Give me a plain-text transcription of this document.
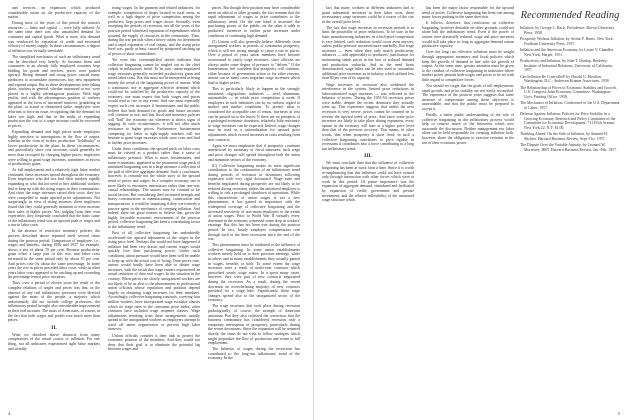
and services, an expansion which produced considerable strain on the productive capacity of the nation.

During most of the years of this period the nation's resources — labor and capital — were fully utilized. At the same time there was also unsatisfied demand for consumer and capital goods. What is more, this demand was reinforced by expansion of credit and increased velocity of money supply. In these circumstances, a degree of inflation was virtually inevitable.

The simplified mechanics of such an inflationary trend can be described very briefly. As business firms and consumers in an already fully employed economy kept bidding for goods and services, prices were pushed upward. Rising demand and rising prices caused many producers to accumulate inventories, buy new equipment and expand output. But as these developments were taking place, workers in general, whether unionized or not, were placed in a highly advantageous position. With high profits, and with the advantageous position of workers appeared in the form of increased turnover, grumbling in the plant, or actual or threatened strike, employers were reluctant to force an issue, recognizing that the demand for labor was high, and that in the midst of expanding production the cost of a wage increase could be recovered in prices.

Expanding demand and high prices made employers highly sensitive to interruptions in the flow of output, whether in the form of strikes, production "holdbacks" or lower productivity in the plant. In these circumstances, and particularly since cost increases could generally be more than recouped by charging higher prices, employers were willing to grant wage increases, sometimes in excess of productivity gains.

As full employment and a relatively tight labor market continued, these increases spread throughout the economy. Even employers who did not find their markets rapidly expanding or who did not need to hire additional workers had to keep up with the rising wages in their communities. And since the wage increases raised their costs, they too were compelled to make upward price adjustments. Not surprisingly, in view of rising incomes, these employers found that they could generally maintain or even increase their sales at higher prices. Yet, judging from their own experience, they frequently concluded that the basic cause of the inflationary trend was an upward push of wages and a rise in labor costs.

In the absence of restrictive monetary policies, the process described above repeated itself several times during the postwar period. Comparison of employee, i.e., wages and benefits, during 1956 and 1957 for example, shows a rise of about 70 per cent. Because productivity gains offset a large part of this rise, unit labor costs increased in the same period only by about 35 per cent. And prices rose by about the same percentage. In some years the rise in prices preceded labor costs, while in other years labor costs appeared to be catching up and exceeding (in percentage terms) price increases.

Thus, over a period of eleven years the result of the complex relations of wages and prices was that, in the absence of any real inflationary pressures were directed against the mass of the people, a majority which unfortunately did not include college professors, the inflationary period brought also considerable improvement in their real incomes. The mass of Americans, of course, in the fact that both wages and profits rose much more than prices.

II.

What we sketched above abstracts from many complexities of the actual course of inflation. For one thing, not all industries experienced tight labor markets and steadily

rising wages. In the garment and related industries, for example, competition of shops located in rural areas, as well as a high degree of price competition among the producers, kept prices and wages down. Secondly, even excepting the periods of recession, not all the years of the postwar period witnessed expansion of expenditures which strained the supply of resources in the community. Thus, during the war periods when a heavy outlay for investment and a rapid expansion of real output, and the rising price level was, partly at least, caused by postponed catching up of prices of short commodities.

Yet even this oversimplified sketch indicates that collective bargaining cannot be singled out as the chief culprit in inflationary trend. To be sure, union-negotiated wage increases generally exceeded productivity gains and raised labor costs. But this must not be interpreted as being mainly the result of the bargaining power of unions. With a continuous rise in aggregate effective demand which could not be satisfied by the productive capacity of the economy, one must expect that both wages and prices would tend to rise in any event. And one must especially expect such cost increases if businessmen and the public believe that both demand for goods and future incomes will continue to rise, and that fiscal and monetary policies will "bail" the economy out whenever it shows signs of sagging. In such circumstances, it will not offer much resistance to higher prices. Furthermore, businessmen competing for labor in tight-supply markets will not hesitate to grant wage increases which raise costs and lead to further price increases.

Under these conditions, the upward push on labor costs must be viewed as a product rather than a cause of inflationary pressure. What is more, businessmen, and some economists, appeared as the prominent wage push of unionized bargaining was in a large measure a reflection of the pull of effective aggregate demand. Such a conclusion, however, is certainly not the whole story of the upward trend of prices and wages. In a complex economy one is more likely to encounter interactions rather than one-way causal relationships. The unions may be counted to be social factors. But considering their increased strength and heavy concentration in manufacturing, construction and transportation, it would be surprising if they were merely a passive agent in the mechanics of creeping inflation. And indeed, there are good reasons to believe that, given the highly favorable economic environment of the postwar period, collective bargaining has been a contributing factor to the inflationary trend.

First of all, collective bargaining has undoubtedly accelerated the upward adjustment of the wages in the rising price level. Perhaps this would not have happened if inflation had been very drastic and current wages would quickly lose their purchasing power. Under such conditions, union pressure would have been well be unable to keep up with the actual cost of living. Once prices rose, unions would hardly have been able to obtain wage increases, with the result that wage earners experienced an actual reduction of their real wages. In the situation in the country. When prices rise slowly, unorganized workers are not likely to be as alert to the phenomenon as professional union officials whose reputation and position depend largely on obtaining wage increases for their members. Accordingly, collective bargaining contracts, covering four million workers, have incorporated wage escalator clauses which tie wage rates to the consumer price index; other contracts have included wage reopener clauses. Wage adjustments resulting from these arrangements usually spread to the unorganized workers as employers attempt to ward off union organization or prevent high labor turnover.

Unions officials consider it their task to protect the economic position of the members. And they would not deny that their goal is to eliminate the potential lag between wages and

prices. But though their position may have considerable merit on ethical or other grounds, the fact remains that the rapid adjustment of wages to price contributes to the inflationary trend. On the one hand it increases the purchasing power of the public; on the other it adds to producers' incentive to further price increases under conditions of continuing high demand.

(3) Unions will also generally behave differently from unorganized workers in periods of continuous prosperity, which is still not strong enough to cause a rise in prices. Over a period of years union members have become accustomed to yearly wage increases, since officials are always under some degree of pressure to "deliver." If the businessman feel confident that prosperity will continue, either because of government action or for other reasons, unions can in many cases negotiate wage increases which lead to higher prices.

This is particularly likely to happen in the strongly unionized, oligopolistic industries — steel, aluminum, automobiles — in which price competition is weak. If employers in such industries can by no without regard to market and market conditions. To protect what is considered the acceptable rate of return, increases in cost can be passed on to the buyer. If there are no prospects of a prolonged economic downturn, relatively little resistance to wage increases can be expected. Indeed, wage changes may be used as a rationalization for upward price adjustments which exceed increases in costs resulting from new contracts.

Again we must emphasize that if prosperity continues unrestricted by monetary or fiscal measures, such wage and price changes will spread throughout both the union and nonunion sectors of the economy.

(C) Collective bargaining makes its most significant contribution to the continuation of an inflationary trend during periods of recession or downturns following expansion with very rigid downward. Wage rates and benefits negotiated during prosperity are not likely to be reduced during recession, unless the unionized employer is willing to risk a prolonged shutdown of operations. While this characteristic of union wages is not a new phenomenon, it has gained in importance with the widespread coverage of collective bargaining and the increased sensitivity of non-union employers to the trends of union wages. Prior to World War II virtually every downturn in the economy witnessed some drop in workers' earnings. But this has not been true during the postwar period. In fact, hourly employee compensation rose through each of the three recessions since the end of the war.

This phenomenon must be attributed to the influence of collective bargaining. In some union establishments workers merely held on to their previous earnings, while in others and in many establishments they actually gained in wages, benefits or both. To some extent the wage increases were a result of multi-year contracts which prescribed yearly wage raises. In a great many cases, however, they were part of new contracts negotiated during the recession. As a result, during the recent downturn an overwhelming majority of new contracts provided for a wage hike. Significantly, these wage changes spread also to the unorganized sector of the economy.

The wage increases that took place during recession pathologically, of course, the strength of American unionism. But they also reflected the conviction that the business community has considered recession only a temporary interruption of prosperity, particularly during the recent downturns. Since the expansion will be resumed shortly, the firms do not wish to follow strategies which might jeopardize the flow of production and return to full employment.

The behavior of wages during the recessions has contributed to the long-run inflationary trend of the economy. In the

4

fact that many workers in different industries had to grant substantial increases in their labor costs, these recessionary wage increases could be a source of the rise in the overall price level.

The fact that wage increases in recession periods is to limit the possibility of price reductions. To be sure, in the basic manufacturing industries, in which price competition is very limited, such reduction would occur even anyway, unless public pressure increased more markedly. But wage increases — even when they only match productivity advances — add appreciably to producers' justification for maintaining stable prices in the face of reduced demand and production cutbacks. And as the need firms demonstrated, wage hikes can be also used to rationalize additional price increases as in industry which utilized less than 80 per cent of its capacity.

Wage increases in recession also weakened the interference in the system, limited price reductions in labor-unionized wage increases — was reflected in the behavior of prices. During the 1953-54 recession prices were stable, despite the recent downturn they actually went up. This experience suggests that unless the next recession is very severe, prices cannot be counted on to reverse the upward trend of price. And since some price increases are likely to take place during expansion, every upturn in the economy will start at a higher price level than that of the previous recovery. This means, in other words, that when prosperity is short lived, in such a collective bargaining contributes to price rigidity in recessions it contributes also a force contributing to a long run inflationary trend.

III.

We must conclude then that the influence of collective bargaining has been at work from a time. Since it is worth re-emphasizing that this influence could not have existed only through interaction with other forces which were at work in this period. Of prime importance was the expansion of aggregate demand, stimulated and facilitated by expansion of credit; government and private investment; and the relative inflexibility of the unionized wage structure which

has been the major factor responsible for the upward trend of prices. Collective bargaining has been one among many forces pushing in the same direction.

It follows, therefore, that restrictions on collective bargaining, however desirable on other grounds, could not alone halt the inflationary trend. Even if the power of unions were drastically reduced, wage and price increases would still take place so long as aggregate demand outran productive capacity.

Over the long run, effective solutions must be sought through appropriate monetary and fiscal policies which keep the growth of demand in line with the growth of output. At the same time, greater attention must be given to the conduct of collective bargaining in industries where market power permits both wages and prices to be set with little regard to competitive forces.

Nor should we forget that the goals of full employment, rapid growth, and price stability are not easily reconciled. The experience of the postwar years suggests that some measure of compromise among these objectives is unavoidable, and that the public must be prepared to accept it.

Finally, a better public understanding of the role of collective bargaining in the inflationary process would help to remove much of the bitterness which now surrounds the discussion. Neither management nor labor alone can be held responsible for creeping inflation; both, however, share the obligation to exercise restraint in the use of their economic power.

Recommended Reading
Inflation, by George L. Bach. Providence: Brown University Press, 1958.
Prosperity Without Inflation, by Arthur F. Burns. New York: Fordham University Press, 1957.
Inflation and the American Economy, by Lester V. Chandler. New York: Harper, 1951.
Productivity and Inflation, by John T. Dunlop. Berkeley: Institute of Industrial Relations, University of California, 1957.
Can Inflation Be Controlled? by Harold G. Moulton. Washington, D.C.: Anderson Kramer Associates, 1958.
The Relationship of Prices to Economic Stability and Growth. U.S. Congress Joint Economic Committee. Washington: Govt. Printing Office, 1958.
The Mechanics of Inflation. Conference of the U.S. Department of Labor, 1957.
Defense Against Inflation: Policies for Price Stability in a Growing Economy. Research and Policy Committee of the Committee for Economic Development, 711 Fifth Avenue, New York 22, N.Y. $1.00.
Thinking Ahead: On the Side of Inflation, by Sumner H. Slichter. Harvard Business Review, Sept.-Oct. 1957.
The Dispute Over the Variable Annuity, by Leonard W. Morrissey. HBT. Harvard Business Review, Jan.-Feb. 1957.
5
